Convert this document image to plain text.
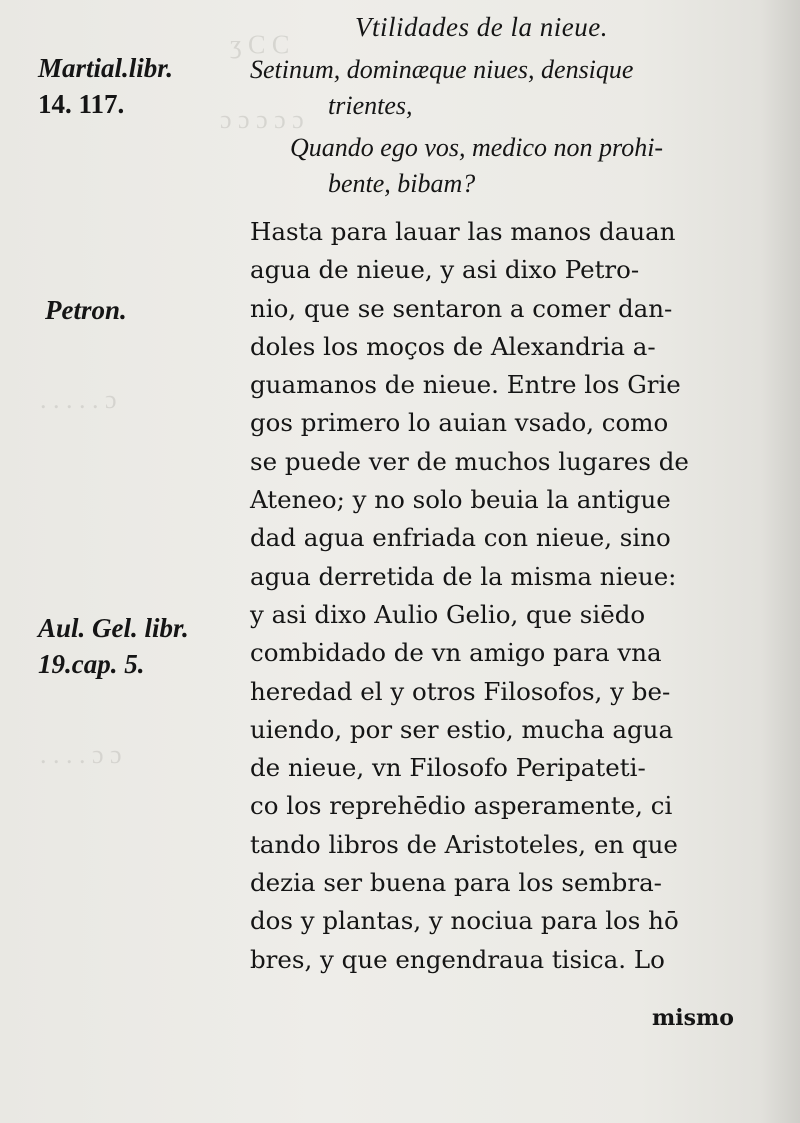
ʒ Ϲ Ϲ
ɔ ɔ ɔ ɔ ɔ
. . . . . ɔ
. . . . ɔ ɔ
Vtilidades de la nieue.
Martial.libr.
14. 117.
Petron.
Aul. Gel. libr.
19.cap. 5.
Setinum, dominæque niues, densique
trientes,
Quando ego vos, medico non prohi-
bente, bibam?
Hasta para lauar las manos dauan
agua de nieue, y asi dixo Petro-
nio, que se sentaron a comer dan-
doles los moços de Alexandria a-
guamanos de nieue. Entre los Grie
gos primero lo auian vsado, como
se puede ver de muchos lugares de
Ateneo; y no solo beuia la antigue
dad agua enfriada con nieue, sino
agua derretida de la misma nieue:
y asi dixo Aulio Gelio, que siēdo
combidado de vn amigo para vna
heredad el y otros Filosofos, y be-
uiendo, por ser estio, mucha agua
de nieue, vn Filosofo Peripateti-
co los reprehēdio asperamente, ci
tando libros de Aristoteles, en que
dezia ser buena para los sembra-
dos y plantas, y nociua para los hō
bres, y que engendraua tisica. Lo
mismo
